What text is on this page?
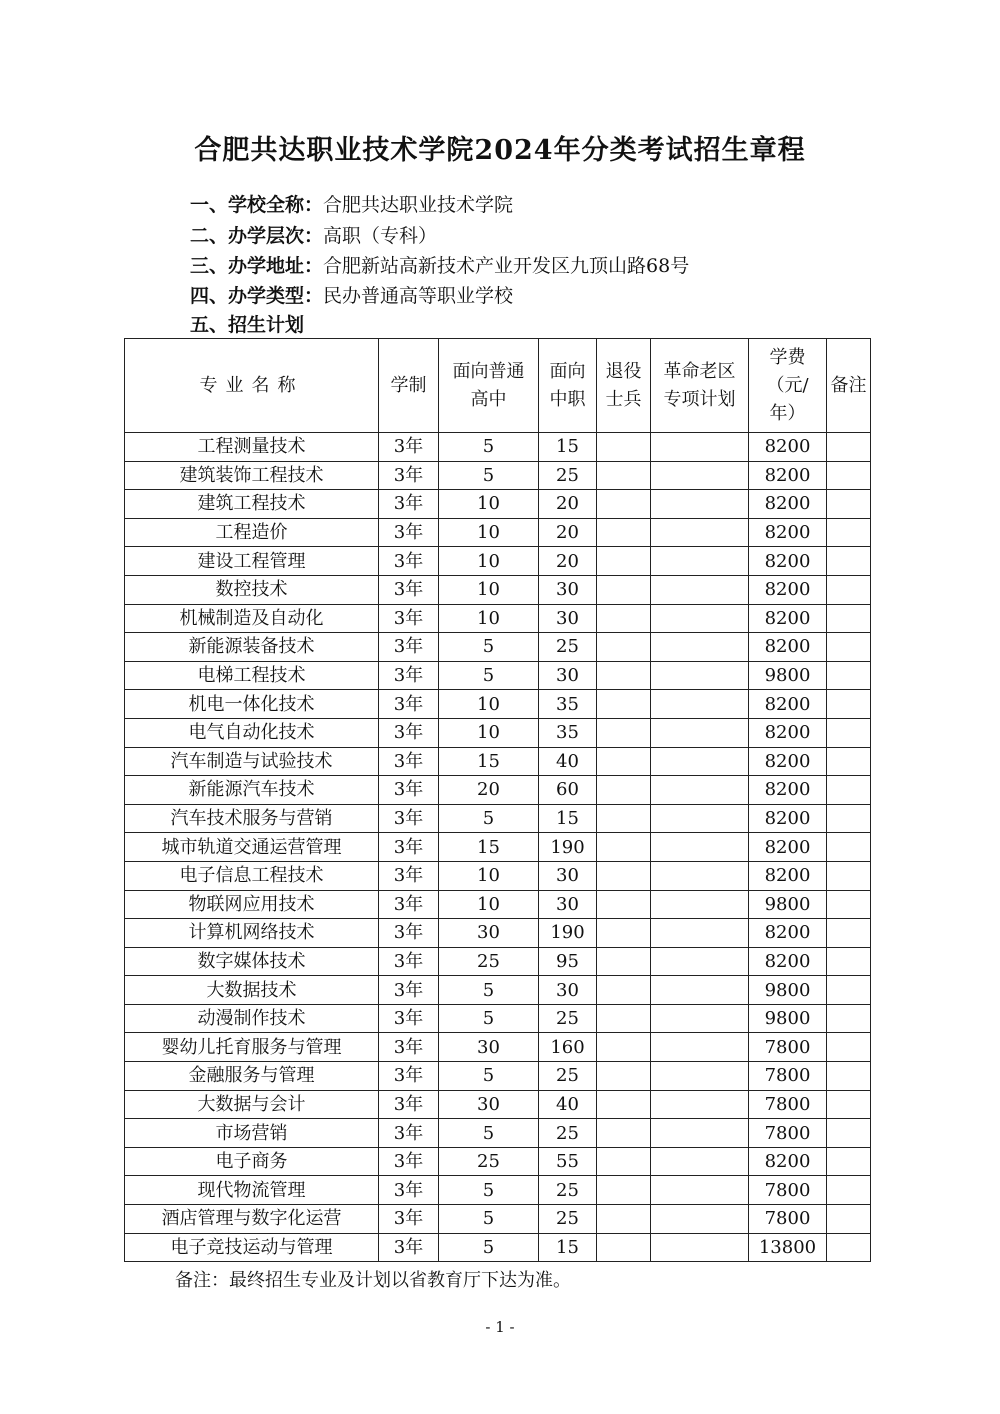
合肥共达职业技术学院2024年分类考试招生章程
一、学校全称：合肥共达职业技术学院
二、办学层次：高职（专科）
三、办学地址：合肥新站高新技术产业开发区九顶山路68号
四、办学类型：民办普通高等职业学校
五、招生计划
专业名称	学制	面向普通高中	面向中职	退役士兵	革命老区专项计划	学费（元/年）	备注
工程测量技术	3年	5	15			8200	
建筑装饰工程技术	3年	5	25			8200	
建筑工程技术	3年	10	20			8200	
工程造价	3年	10	20			8200	
建设工程管理	3年	10	20			8200	
数控技术	3年	10	30			8200	
机械制造及自动化	3年	10	30			8200	
新能源装备技术	3年	5	25			8200	
电梯工程技术	3年	5	30			9800	
机电一体化技术	3年	10	35			8200	
电气自动化技术	3年	10	35			8200	
汽车制造与试验技术	3年	15	40			8200	
新能源汽车技术	3年	20	60			8200	
汽车技术服务与营销	3年	5	15			8200	
城市轨道交通运营管理	3年	15	190			8200	
电子信息工程技术	3年	10	30			8200	
物联网应用技术	3年	10	30			9800	
计算机网络技术	3年	30	190			8200	
数字媒体技术	3年	25	95			8200	
大数据技术	3年	5	30			9800	
动漫制作技术	3年	5	25			9800	
婴幼儿托育服务与管理	3年	30	160			7800	
金融服务与管理	3年	5	25			7800	
大数据与会计	3年	30	40			7800	
市场营销	3年	5	25			7800	
电子商务	3年	25	55			8200	
现代物流管理	3年	5	25			7800	
酒店管理与数字化运营	3年	5	25			7800	
电子竞技运动与管理	3年	5	15			13800	
备注：最终招生专业及计划以省教育厅下达为准。
- 1 -
